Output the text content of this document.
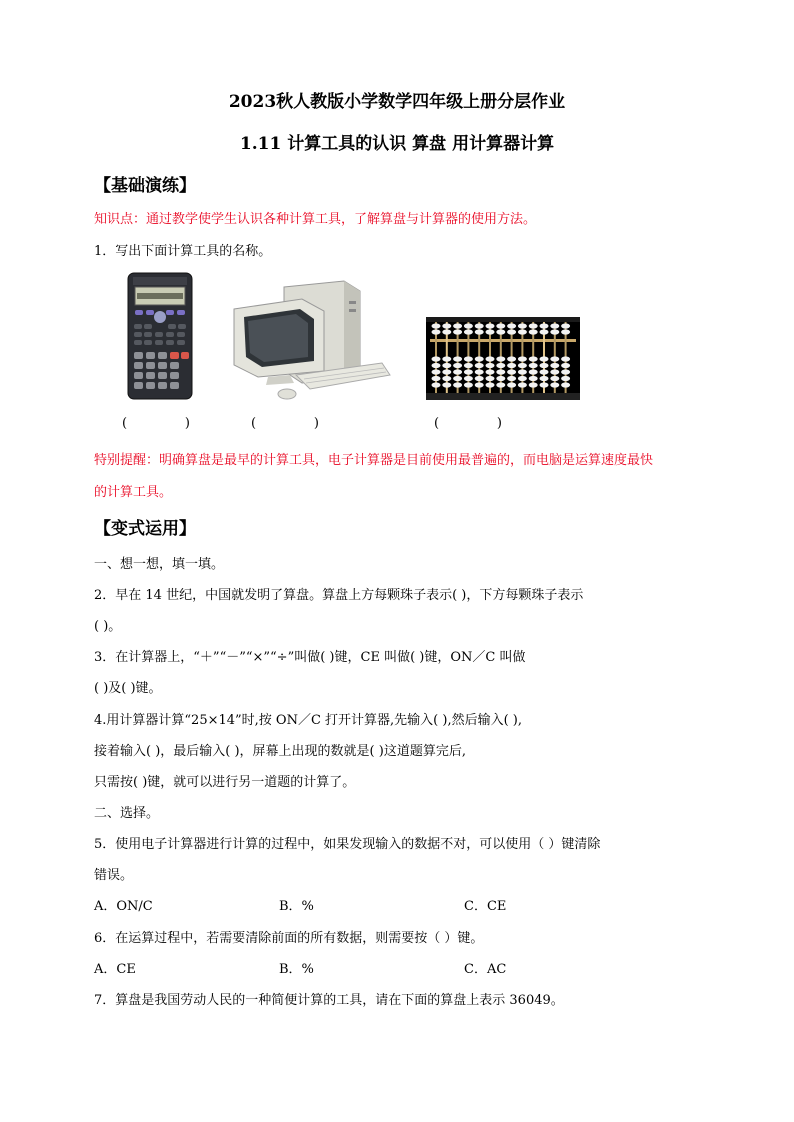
2023秋人教版小学数学四年级上册分层作业
1.11 计算工具的认识 算盘 用计算器计算
【基础演练】
知识点：通过教学使学生认识各种计算工具，了解算盘与计算器的使用方法。
1．写出下面计算工具的名称。
(              )	(              )	(              )
特别提醒：明确算盘是最早的计算工具，电子计算器是目前使用最普遍的，而电脑是运算速度最快
的计算工具。
【变式运用】
一、想一想，填一填。
2．早在 14 世纪，中国就发明了算盘。算盘上方每颗珠子表示( )，下方每颗珠子表示
( )。
3．在计算器上，“＋”“－”“×”“÷”叫做( )键，CE 叫做( )键，ON／C 叫做
( )及( )键。
4.用计算器计算“25×14”时,按 ON／C 打开计算器,先输入( ),然后输入( ),
接着输入( )，最后输入( )，屏幕上出现的数就是( )这道题算完后,
只需按( )键，就可以进行另一道题的计算了。
二、选择。
5．使用电子计算器进行计算的过程中，如果发现输入的数据不对，可以使用（ ）键清除
错误。
A．ON/C	B．%	C．CE
6．在运算过程中，若需要清除前面的所有数据，则需要按（ ）键。
A．CE	B．%	C．AC
7．算盘是我国劳动人民的一种简便计算的工具，请在下面的算盘上表示 36049。
